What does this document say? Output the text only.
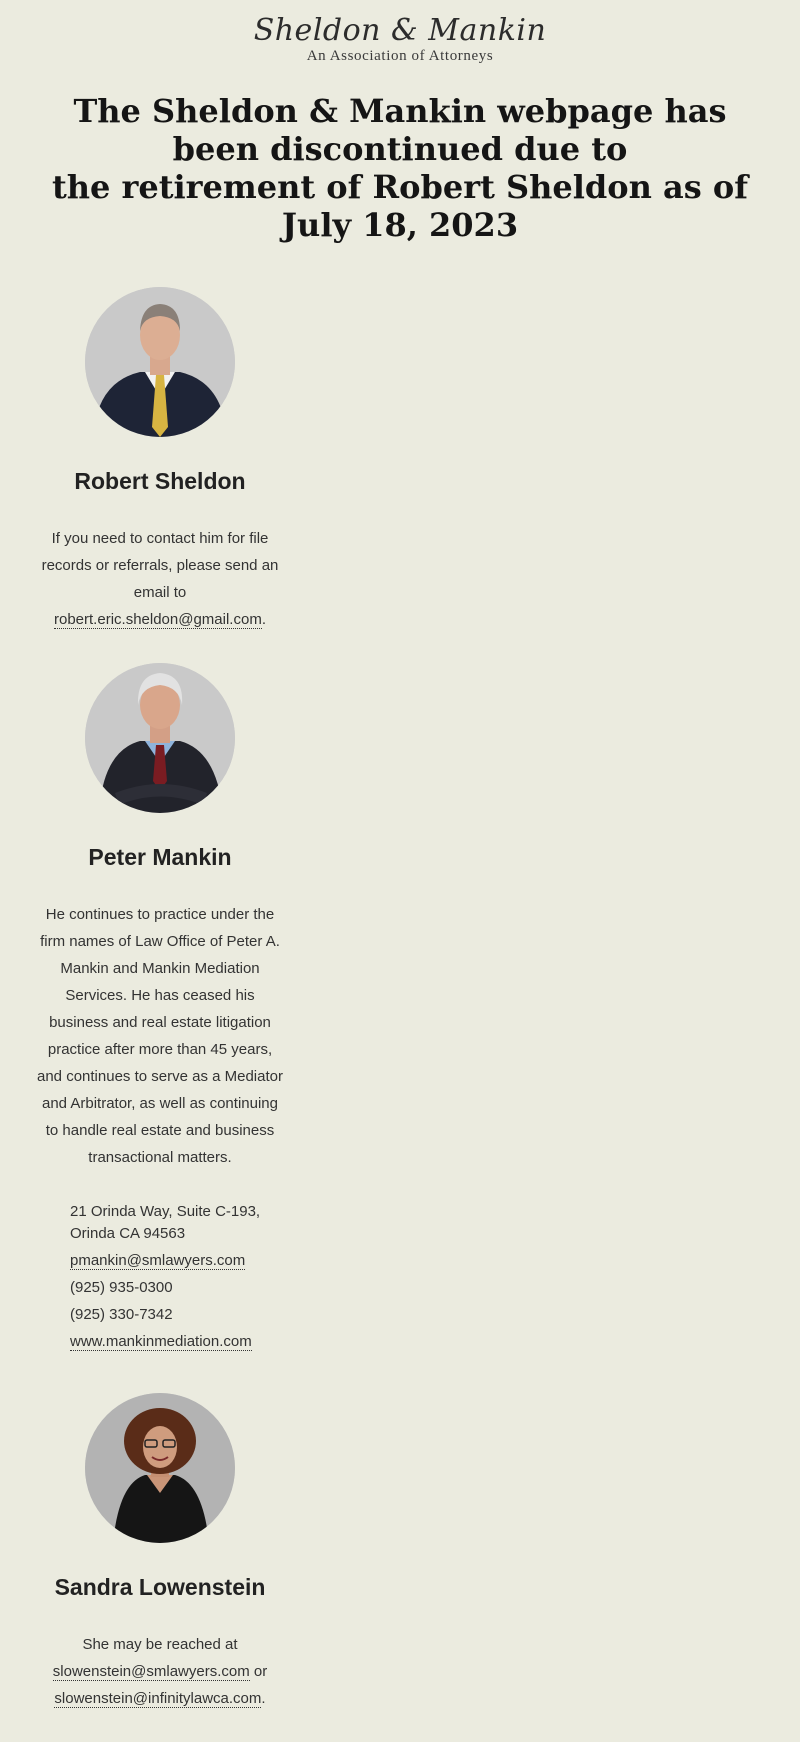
Sheldon & Mankin
An Association of Attorneys
The Sheldon & Mankin webpage has been discontinued due to
the retirement of Robert Sheldon as of July 18, 2023
Robert Sheldon

If you need to contact him for file records or referrals, please send an email to robert.eric.sheldon@gmail.com.

Peter Mankin

He continues to practice under the firm names of Law Office of Peter A. Mankin and Mankin Mediation Services. He has ceased his business and real estate litigation practice after more than 45 years, and continues to serve as a Mediator and Arbitrator, as well as continuing to handle real estate and business transactional matters.

21 Orinda Way, Suite C-193, Orinda CA 94563
pmankin@smlawyers.com
(925) 935-0300
(925) 330-7342
www.mankinmediation.com
Sandra Lowenstein

She may be reached at slowenstein@smlawyers.com or slowenstein@infinitylawca.com.
